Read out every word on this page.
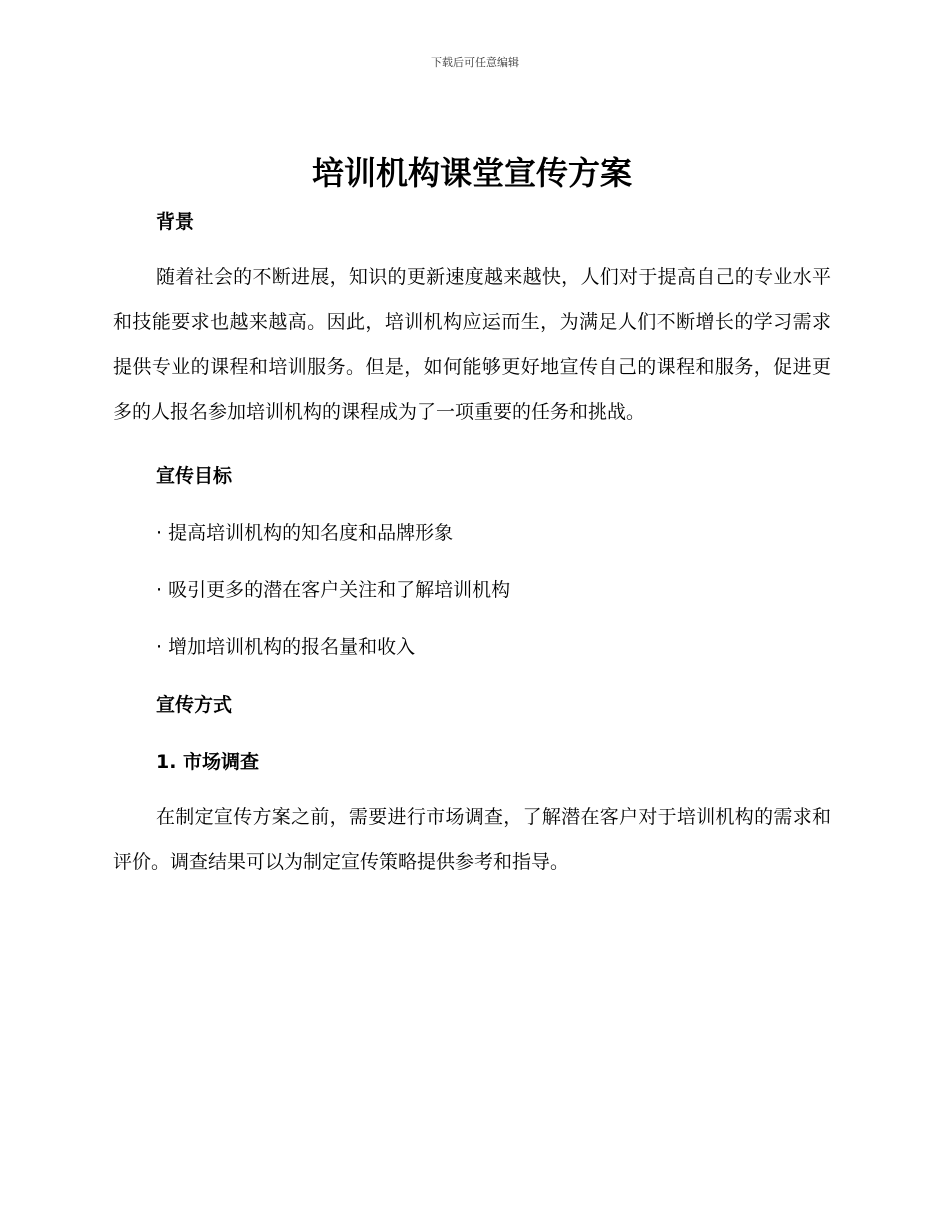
下载后可任意编辑
培训机构课堂宣传方案
背景

随着社会的不断进展，知识的更新速度越来越快，人们对于提高自己的专业水平和技能要求也越来越高。因此，培训机构应运而生，为满足人们不断增长的学习需求提供专业的课程和培训服务。但是，如何能够更好地宣传自己的课程和服务，促进更多的人报名参加培训机构的课程成为了一项重要的任务和挑战。

宣传目标
· 提高培训机构的知名度和品牌形象
· 吸引更多的潜在客户关注和了解培训机构
· 增加培训机构的报名量和收入
宣传方式
1. 市场调查

在制定宣传方案之前，需要进行市场调查，了解潜在客户对于培训机构的需求和评价。调查结果可以为制定宣传策略提供参考和指导。
